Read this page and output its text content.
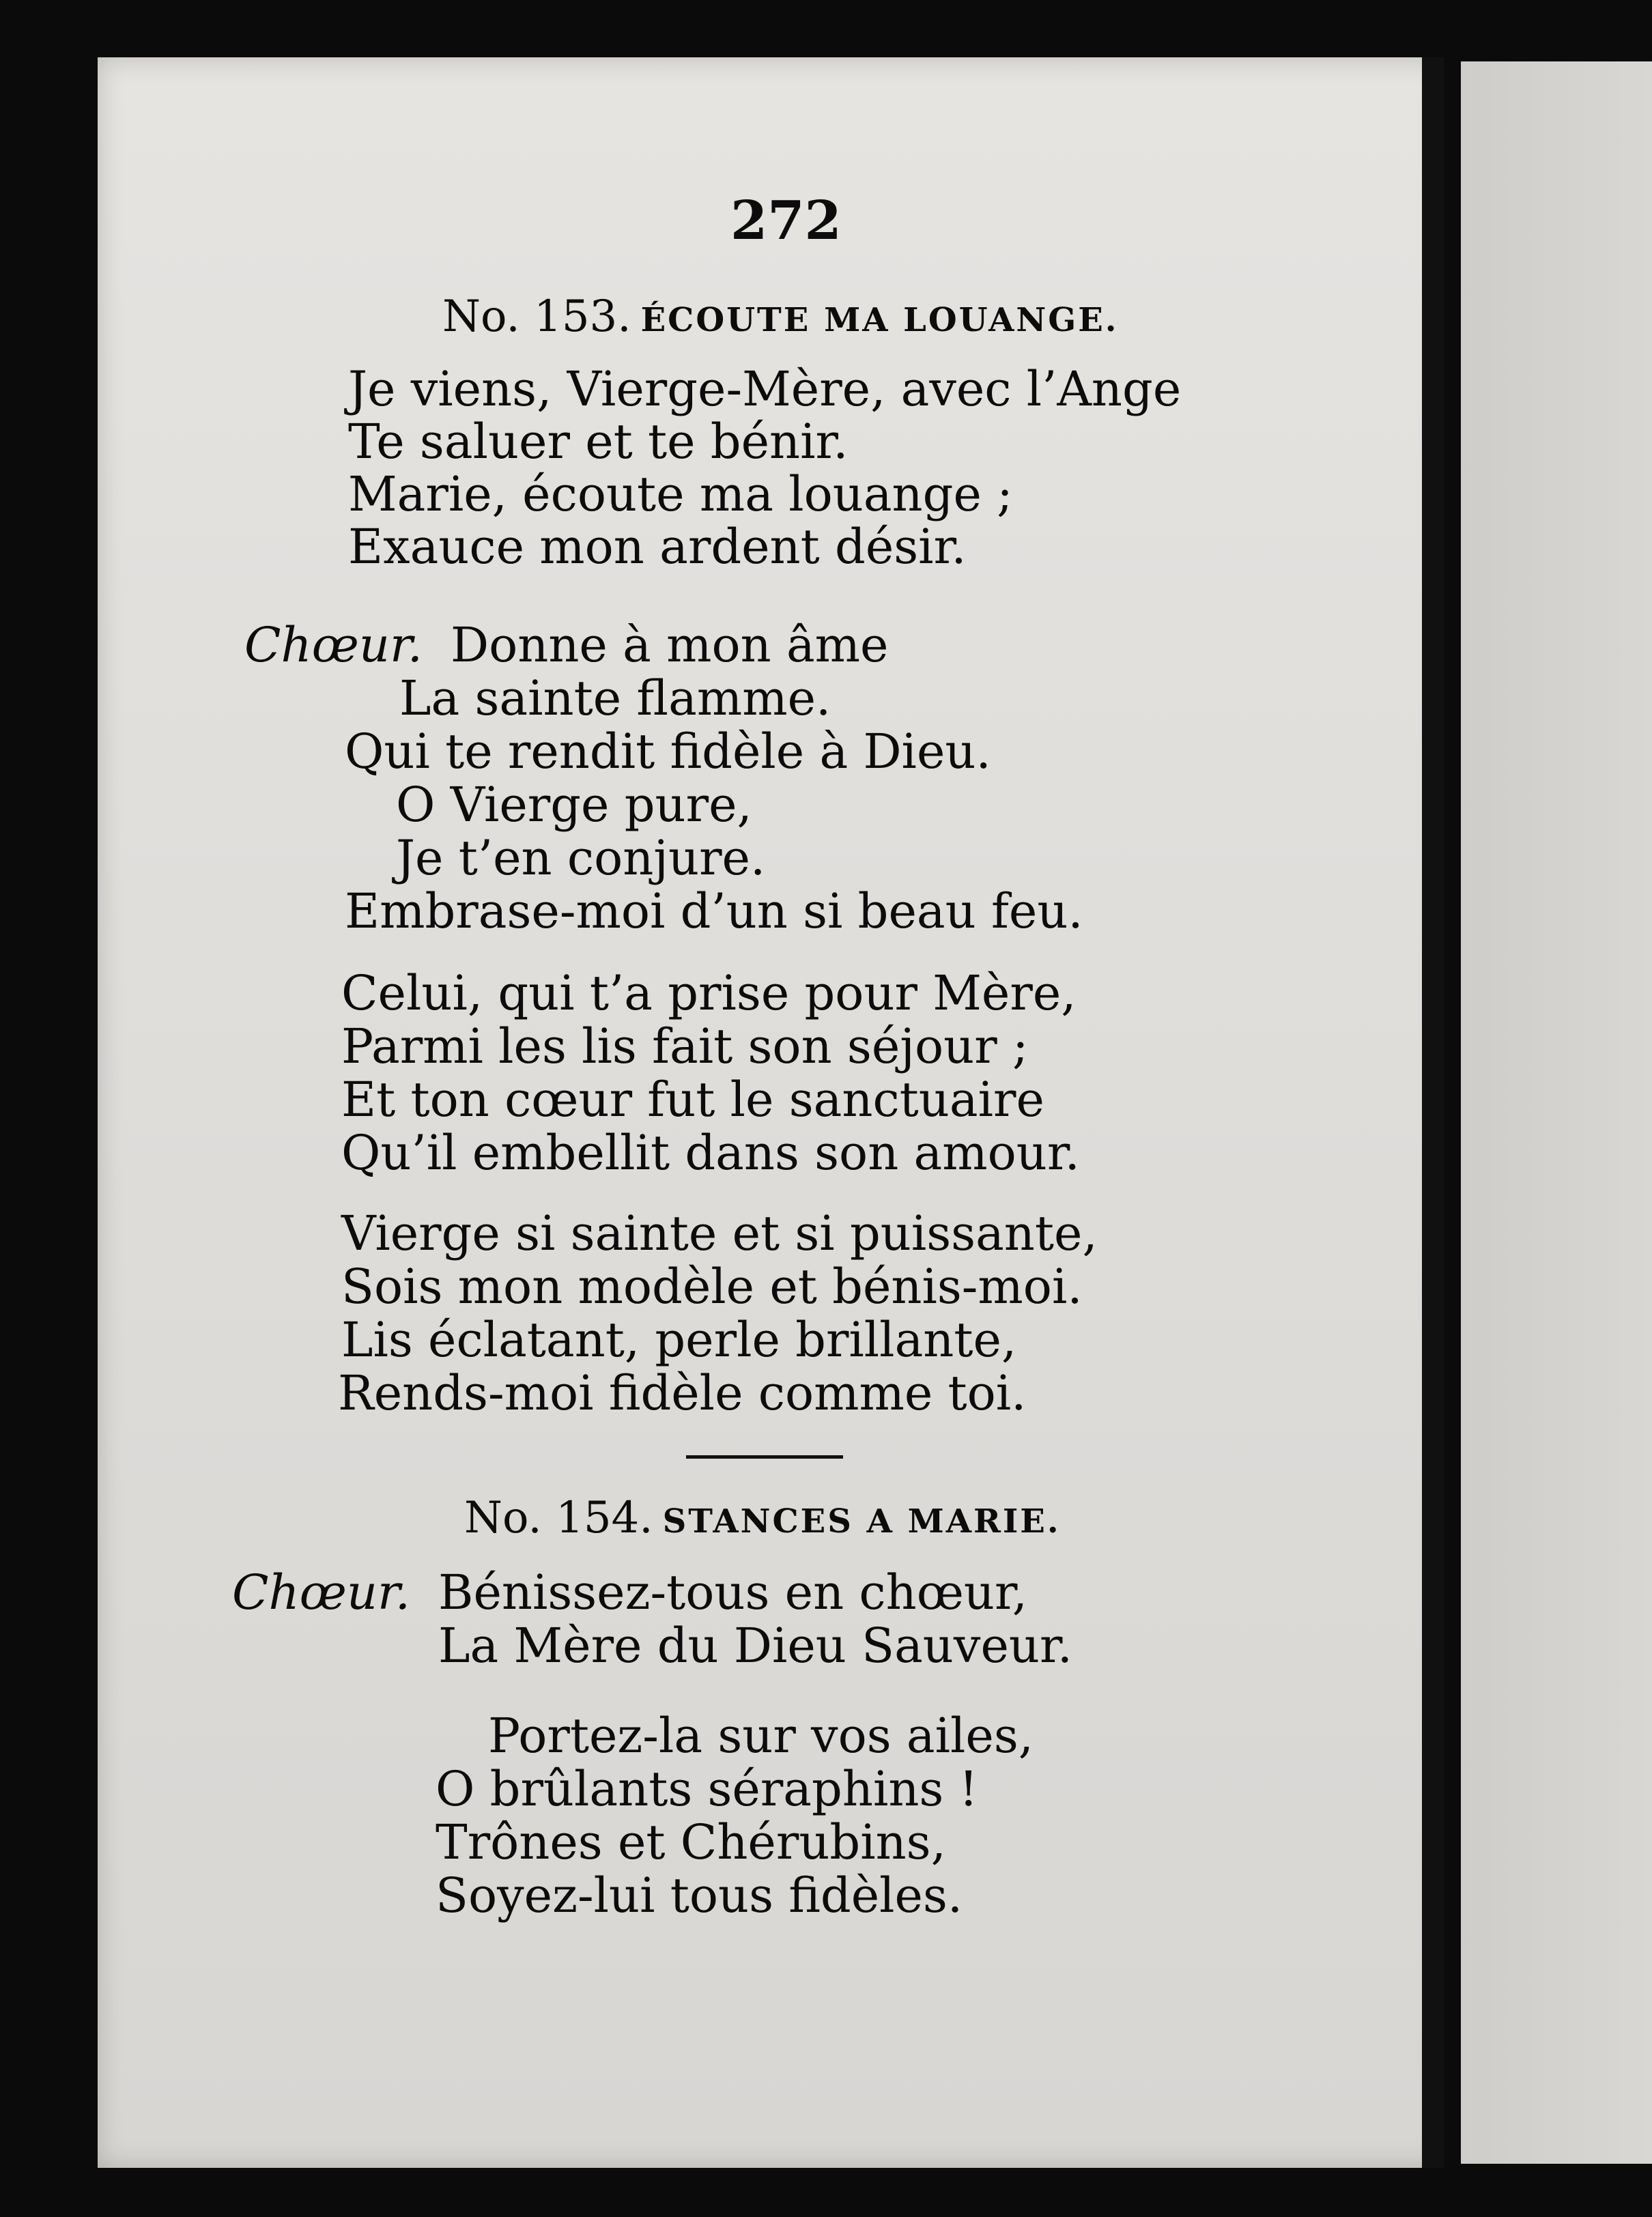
272
No. 153. ÉCOUTE MA LOUANGE.
Je viens, Vierge-Mère, avec l’Ange
Te saluer et te bénir.
Marie, écoute ma louange ;
Exauce mon ardent désir.
Chœur. Donne à mon âme
La sainte flamme.
Qui te rendit fidèle à Dieu.
O Vierge pure,
Je t’en conjure.
Embrase-moi d’un si beau feu.
Celui, qui t’a prise pour Mère,
Parmi les lis fait son séjour ;
Et ton cœur fut le sanctuaire
Qu’il embellit dans son amour.
Vierge si sainte et si puissante,
Sois mon modèle et bénis-moi.
Lis éclatant, perle brillante,
Rends-moi fidèle comme toi.
No. 154. STANCES A MARIE.
Chœur. Bénissez-tous en chœur,
La Mère du Dieu Sauveur.
Portez-la sur vos ailes,
O brûlants séraphins !
Trônes et Chérubins,
Soyez-lui tous fidèles.
